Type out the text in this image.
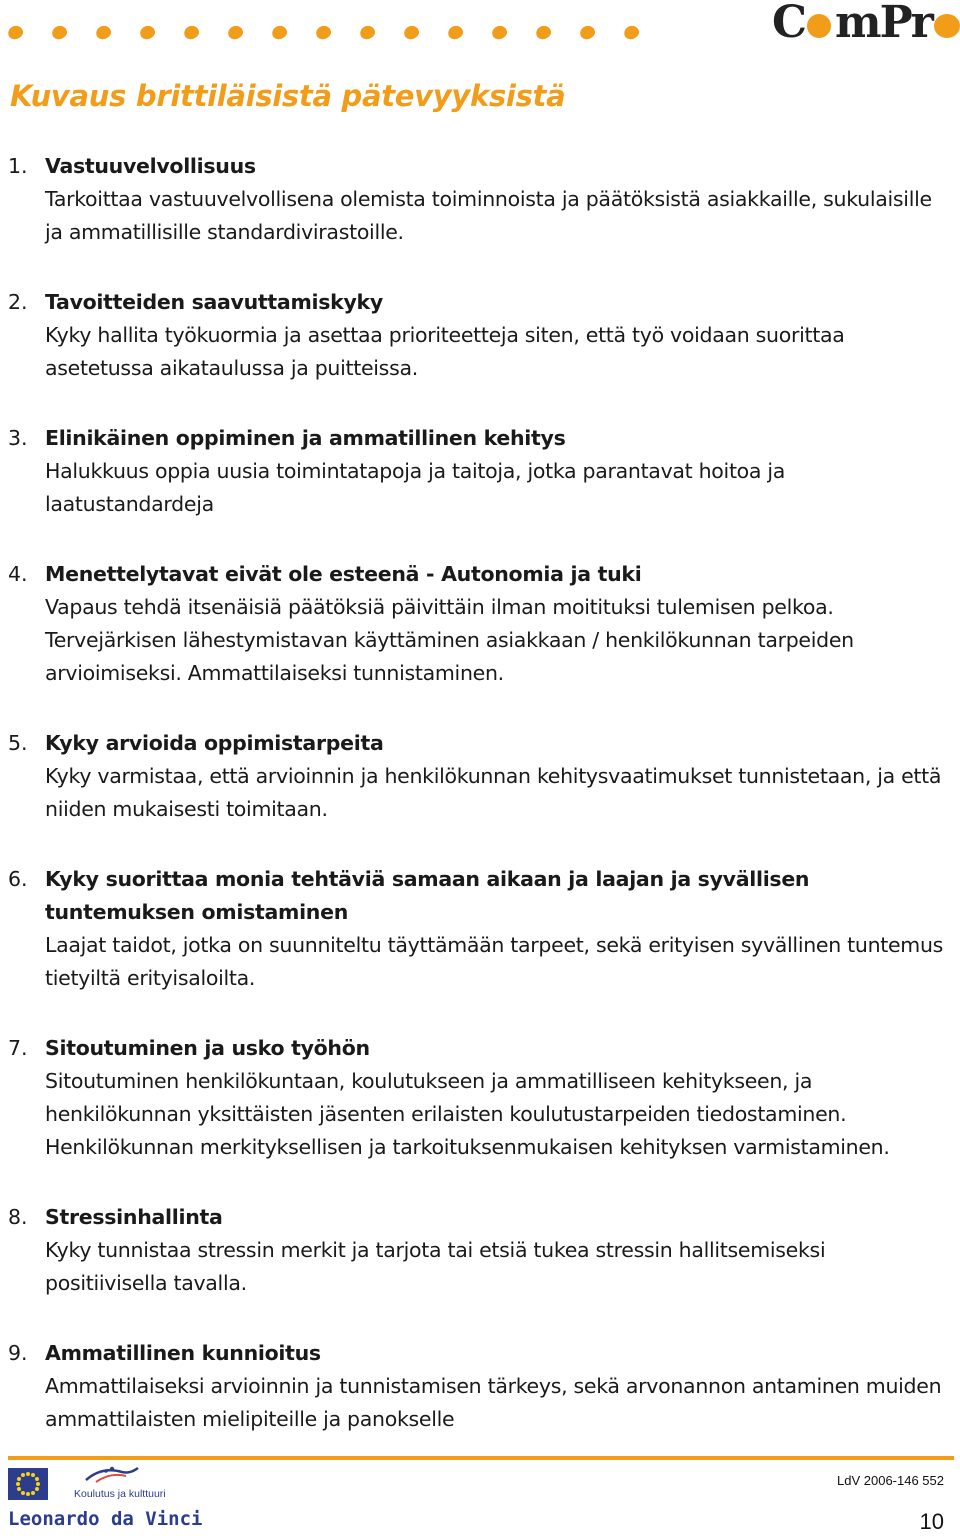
C mPr
Kuvaus brittiläisistä pätevyyksistä
1. Vastuuvelvollisuus
Tarkoittaa vastuuvelvollisena olemista toiminnoista ja päätöksistä asiakkaille, sukulaisille ja ammatillisille standardivirastoille.
2. Tavoitteiden saavuttamiskyky
Kyky hallita työkuormia ja asettaa prioriteetteja siten, että työ voidaan suorittaa asetetussa aikataulussa ja puitteissa.
3. Elinikäinen oppiminen ja ammatillinen kehitys
Halukkuus oppia uusia toimintatapoja ja taitoja, jotka parantavat hoitoa ja laatustandardeja
4. Menettelytavat eivät ole esteenä - Autonomia ja tuki
Vapaus tehdä itsenäisiä päätöksiä päivittäin ilman moitituksi tulemisen pelkoa. Tervejärkisen lähestymistavan käyttäminen asiakkaan / henkilökunnan tarpeiden arvioimiseksi. Ammattilaiseksi tunnistaminen.
5. Kyky arvioida oppimistarpeita
Kyky varmistaa, että arvioinnin ja henkilökunnan kehitysvaatimukset tunnistetaan, ja että niiden mukaisesti toimitaan.
6. Kyky suorittaa monia tehtäviä samaan aikaan ja laajan ja syvällisen tuntemuksen omistaminen
Laajat taidot, jotka on suunniteltu täyttämään tarpeet, sekä erityisen syvällinen tuntemus tietyiltä erityisaloilta.
7. Sitoutuminen ja usko työhön
Sitoutuminen henkilökuntaan, koulutukseen ja ammatilliseen kehitykseen, ja henkilökunnan yksittäisten jäsenten erilaisten koulutustarpeiden tiedostaminen. Henkilökunnan merkityksellisen ja tarkoituksenmukaisen kehityksen varmistaminen.
8. Stressinhallinta
Kyky tunnistaa stressin merkit ja tarjota tai etsiä tukea stressin hallitsemiseksi positiivisella tavalla.
9. Ammatillinen kunnioitus
Ammattilaiseksi arvioinnin ja tunnistamisen tärkeys, sekä arvonannon antaminen muiden ammattilaisten mielipiteille ja panokselle
Koulutus ja kulttuuri
Leonardo da Vinci
LdV 2006-146 552
10
